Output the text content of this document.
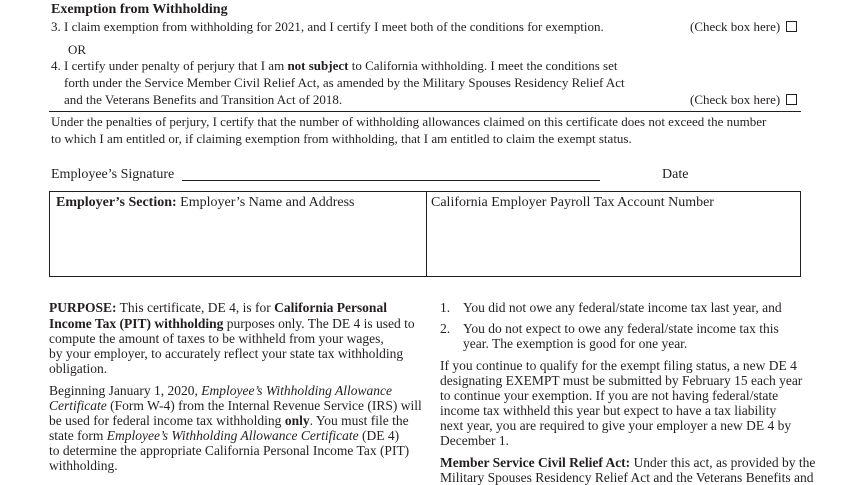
Exemption from Withholding
3. I claim exemption from withholding for 2021, and I certify I meet both of the conditions for exemption.	(Check box here)
OR
4. I certify under penalty of perjury that I am not subject to California withholding. I meet the conditions set
forth under the Service Member Civil Relief Act, as amended by the Military Spouses Residency Relief Act
and the Veterans Benefits and Transition Act of 2018.	(Check box here)
Under the penalties of perjury, I certify that the number of withholding allowances claimed on this certificate does not exceed the number
to which I am entitled or, if claiming exemption from withholding, that I am entitled to claim the exempt status.
Employee’s Signature	Date
Employer’s Section: Employer’s Name and Address	California Employer Payroll Tax Account Number
PURPOSE: This certificate, DE 4, is for California Personal
Income Tax (PIT) withholding purposes only. The DE 4 is used to
compute the amount of taxes to be withheld from your wages,
by your employer, to accurately reflect your state tax withholding
obligation.
Beginning January 1, 2020, Employee’s Withholding Allowance
Certificate (Form W-4) from the Internal Revenue Service (IRS) will
be used for federal income tax withholding only. You must file the
state form Employee’s Withholding Allowance Certificate (DE 4)
to determine the appropriate California Personal Income Tax (PIT)
withholding.
1. You did not owe any federal/state income tax last year, and
2. You do not expect to owe any federal/state income tax this
year. The exemption is good for one year.
If you continue to qualify for the exempt filing status, a new DE 4
designating EXEMPT must be submitted by February 15 each year
to continue your exemption. If you are not having federal/state
income tax withheld this year but expect to have a tax liability
next year, you are required to give your employer a new DE 4 by
December 1.
Member Service Civil Relief Act: Under this act, as provided by the
Military Spouses Residency Relief Act and the Veterans Benefits and
